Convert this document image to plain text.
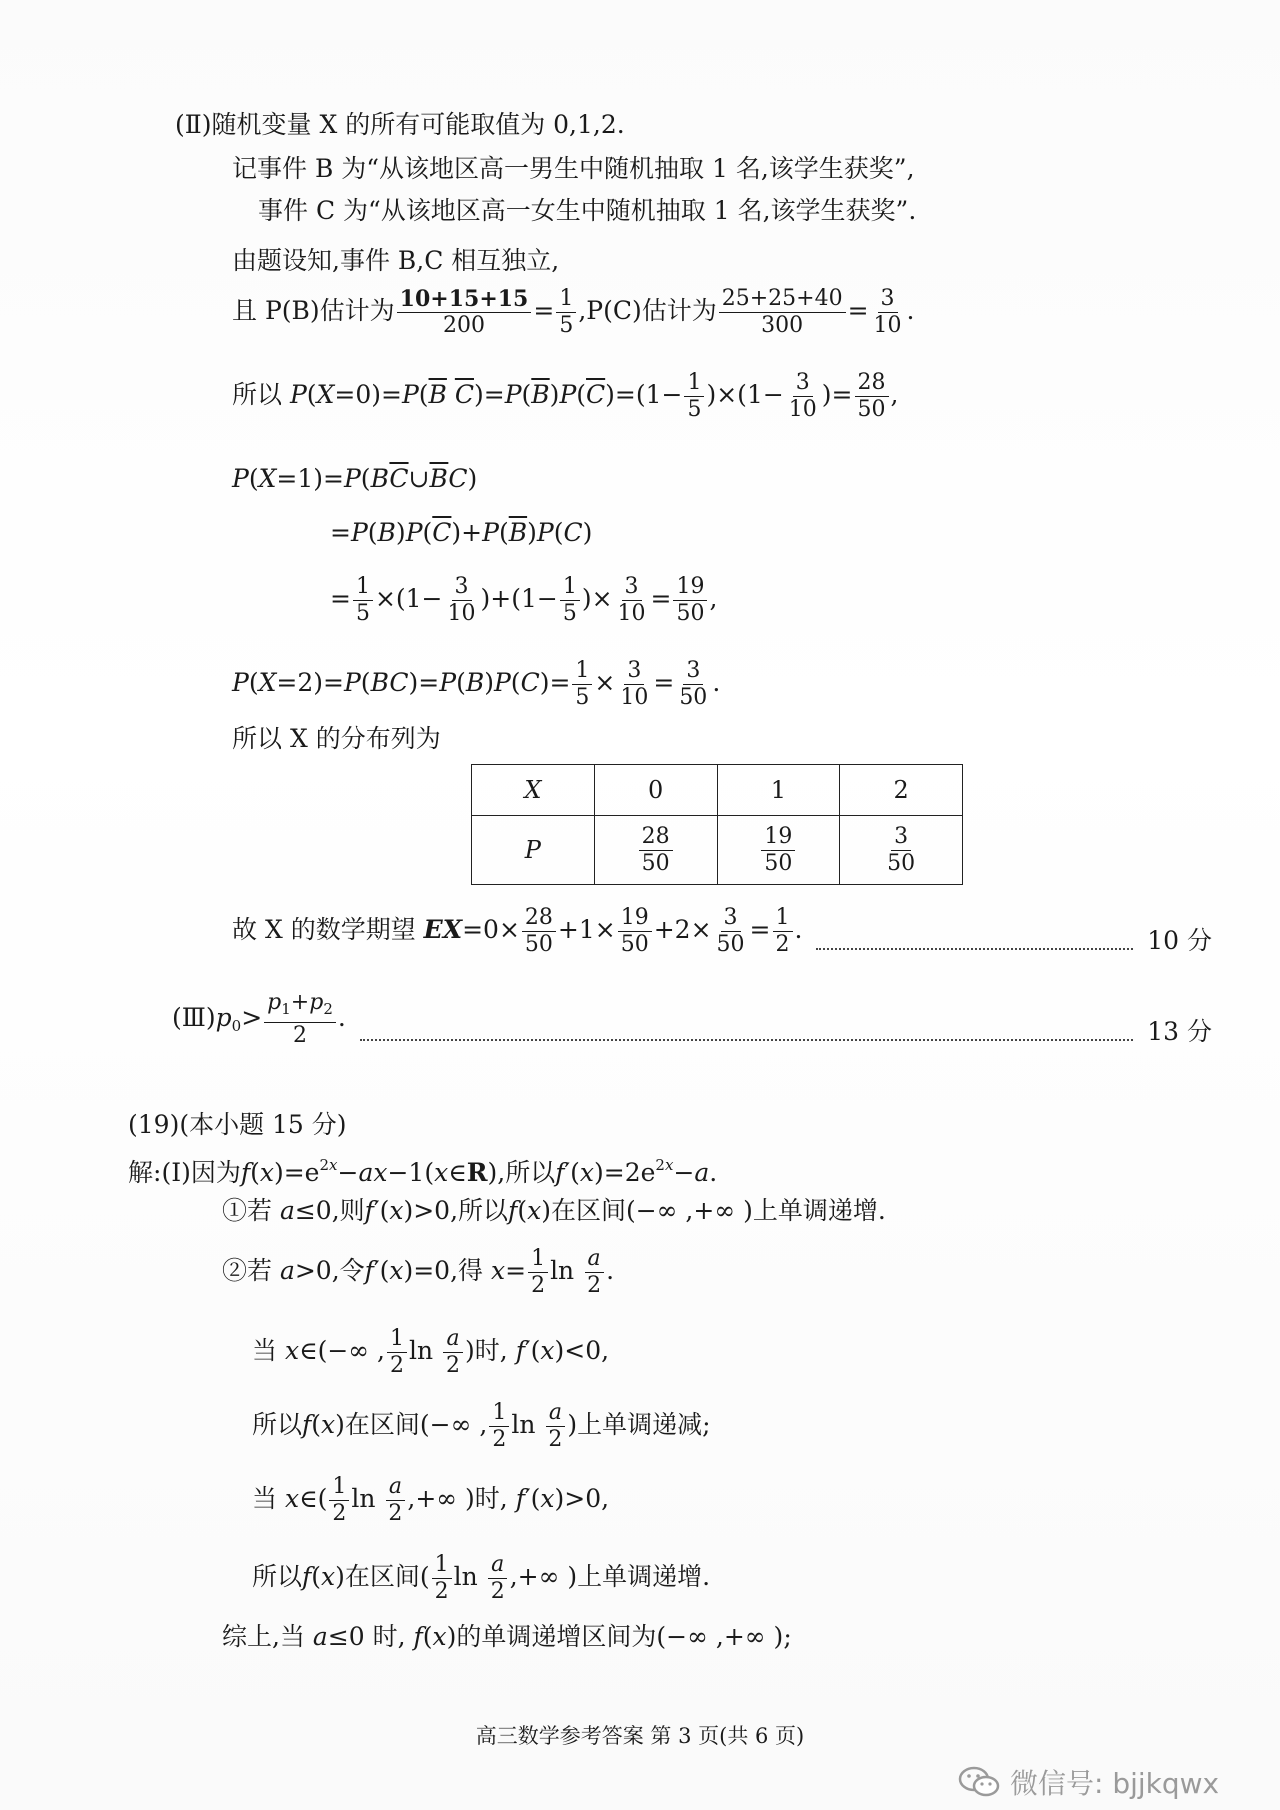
(Ⅱ)随机变量 X 的所有可能取值为 0,1,2.
记事件 B 为“从该地区高一男生中随机抽取 1 名,该学生获奖”,
事件 C 为“从该地区高一女生中随机抽取 1 名,该学生获奖”.
由题设知,事件 B,C 相互独立,
且 P(B)估计为 $\frac{10+15+15}{200} = \frac{1}{5} ,P(C)$估计为 $\frac{25+25+40}{300} = \frac{3}{10}$ .
所以 $P(X=0)=P(\overline{B}$ $\overline{C})=P(\overline{B})P(\overline{C})=(1- \frac{1}{5} )\times(1- \frac{3}{10}$ )= $\frac{28}{50}$ ,
$P(X=1)=P(B\overline{C}\cup\overline{B}C)$
$=P(B)P(\overline{C})+P(\overline{B})P(C)$
= $\frac{1}{5} \times(1- \frac{3}{10} )+(1- \frac{1}{5}$ )× $\frac{3}{10} = \frac{19}{50}$ ,
$P(X=2)=P(BC)=P(B)P(C)= \frac{1}{5} \times \frac{3}{10} = \frac{3}{50}$ .
所以 X 的分布列为
X	0	1	2
P	$\frac{28}{50}$	$\frac{19}{50}$	$\frac{3}{50}$
故 X 的数学期望 $EX=0\times \frac{28}{50} +1\times \frac{19}{50} +2\times \frac{3}{50} = \frac{1}{2}$ .	10 分
$(Ⅲ)p_0> \frac{p_1+p_2}{2}$ .	13 分
(19)(本小题 15 分)
解:(Ⅰ)因为$f(x)=e^{2x}-ax-1(x\in R)$,所以$f'(x)=2e^{2x}-a$.
①若 a≤0,则f′(x)>0,所以f(x)在区间(−∞ ,+∞ )上单调递增.
②若 a>0,令f′(x)=0,得 $x= \frac{1}{2}$ $\ln \frac{a}{2}$ .
当 x∈(−∞ , $\frac{1}{2}$ $\ln \frac{a}{2}$ )时, f′(x)<0,
所以f(x)在区间(−∞ , $\frac{1}{2}$ $\ln \frac{a}{2}$ )上单调递减;
当 x∈( $\frac{1}{2}$ $\ln \frac{a}{2}$ ,+∞ )时, f′(x)>0,
所以f(x)在区间( $\frac{1}{2}$ $\ln \frac{a}{2}$ ,+∞ )上单调递增.
综上,当 a≤0 时, f(x)的单调递增区间为(−∞ ,+∞ );
高三数学参考答案 第 3 页(共 6 页)
微信号: bjjkqwx
